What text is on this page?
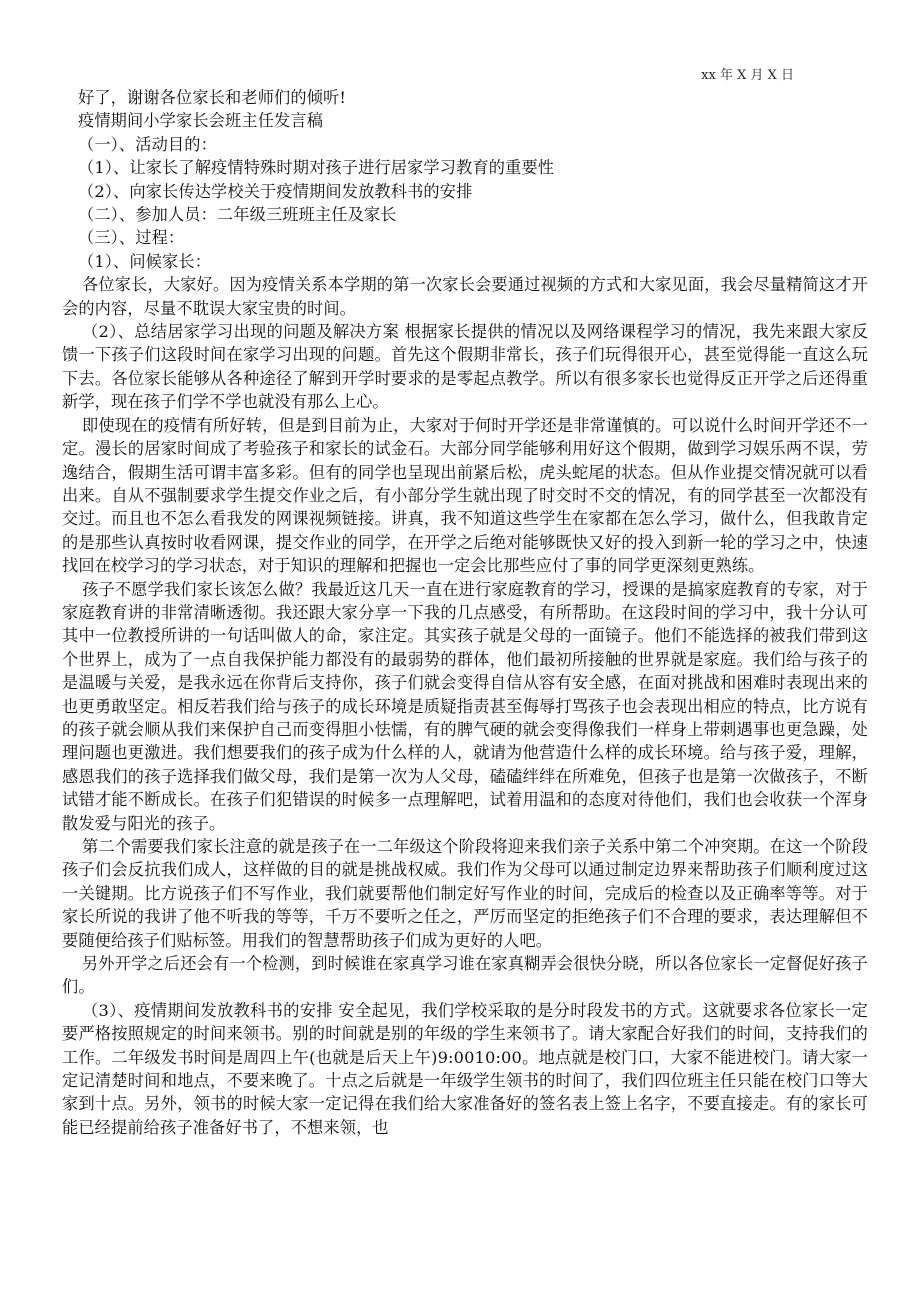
xx 年 X 月 X 日

好了，谢谢各位家长和老师们的倾听!

疫情期间小学家长会班主任发言稿

（一）、活动目的：

（1）、让家长了解疫情特殊时期对孩子进行居家学习教育的重要性

（2）、向家长传达学校关于疫情期间发放教科书的安排

（二）、参加人员：二年级三班班主任及家长

（三）、过程：

（1）、问候家长：

各位家长，大家好。因为疫情关系本学期的第一次家长会要通过视频的方式和大家见面，我会尽量精简这才开会的内容，尽量不耽误大家宝贵的时间。

（2）、总结居家学习出现的问题及解决方案 根据家长提供的情况以及网络课程学习的情况，我先来跟大家反馈一下孩子们这段时间在家学习出现的问题。首先这个假期非常长，孩子们玩得很开心，甚至觉得能一直这么玩下去。各位家长能够从各种途径了解到开学时要求的是零起点教学。所以有很多家长也觉得反正开学之后还得重新学，现在孩子们学不学也就没有那么上心。

即使现在的疫情有所好转，但是到目前为止，大家对于何时开学还是非常谨慎的。可以说什么时间开学还不一定。漫长的居家时间成了考验孩子和家长的试金石。大部分同学能够利用好这个假期，做到学习娱乐两不误，劳逸结合，假期生活可谓丰富多彩。但有的同学也呈现出前紧后松，虎头蛇尾的状态。但从作业提交情况就可以看出来。自从不强制要求学生提交作业之后，有小部分学生就出现了时交时不交的情况，有的同学甚至一次都没有交过。而且也不怎么看我发的网课视频链接。讲真，我不知道这些学生在家都在怎么学习，做什么，但我敢肯定的是那些认真按时收看网课，提交作业的同学，在开学之后绝对能够既快又好的投入到新一轮的学习之中，快速找回在校学习的学习状态，对于知识的理解和把握也一定会比那些应付了事的同学更深刻更熟练。

孩子不愿学我们家长该怎么做？我最近这几天一直在进行家庭教育的学习，授课的是搞家庭教育的专家，对于家庭教育讲的非常清晰透彻。我还跟大家分享一下我的几点感受，有所帮助。在这段时间的学习中，我十分认可其中一位教授所讲的一句话叫做人的命，家注定。其实孩子就是父母的一面镜子。他们不能选择的被我们带到这个世界上，成为了一点自我保护能力都没有的最弱势的群体，他们最初所接触的世界就是家庭。我们给与孩子的是温暖与关爱，是我永远在你背后支持你，孩子们就会变得自信从容有安全感，在面对挑战和困难时表现出来的也更勇敢坚定。相反若我们给与孩子的成长环境是质疑指责甚至侮辱打骂孩子也会表现出相应的特点，比方说有的孩子就会顺从我们来保护自己而变得胆小怯懦，有的脾气硬的就会变得像我们一样身上带刺遇事也更急躁，处理问题也更激进。我们想要我们的孩子成为什么样的人，就请为他营造什么样的成长环境。给与孩子爱，理解，感恩我们的孩子选择我们做父母，我们是第一次为人父母，磕磕绊绊在所难免，但孩子也是第一次做孩子，不断试错才能不断成长。在孩子们犯错误的时候多一点理解吧，试着用温和的态度对待他们，我们也会收获一个浑身散发爱与阳光的孩子。

第二个需要我们家长注意的就是孩子在一二年级这个阶段将迎来我们亲子关系中第二个冲突期。在这一个阶段孩子们会反抗我们成人，这样做的目的就是挑战权威。我们作为父母可以通过制定边界来帮助孩子们顺利度过这一关键期。比方说孩子们不写作业，我们就要帮他们制定好写作业的时间，完成后的检查以及正确率等等。对于家长所说的我讲了他不听我的等等，千万不要听之任之，严厉而坚定的拒绝孩子们不合理的要求，表达理解但不要随便给孩子们贴标签。用我们的智慧帮助孩子们成为更好的人吧。

另外开学之后还会有一个检测，到时候谁在家真学习谁在家真糊弄会很快分晓，所以各位家长一定督促好孩子们。

（3）、疫情期间发放教科书的安排 安全起见，我们学校采取的是分时段发书的方式。这就要求各位家长一定要严格按照规定的时间来领书。别的时间就是别的年级的学生来领书了。请大家配合好我们的时间，支持我们的工作。二年级发书时间是周四上午(也就是后天上午)9:0010:00。地点就是校门口，大家不能进校门。请大家一定记清楚时间和地点，不要来晚了。十点之后就是一年级学生领书的时间了，我们四位班主任只能在校门口等大家到十点。另外，领书的时候大家一定记得在我们给大家准备好的签名表上签上名字，不要直接走。有的家长可能已经提前给孩子准备好书了，不想来领，也
